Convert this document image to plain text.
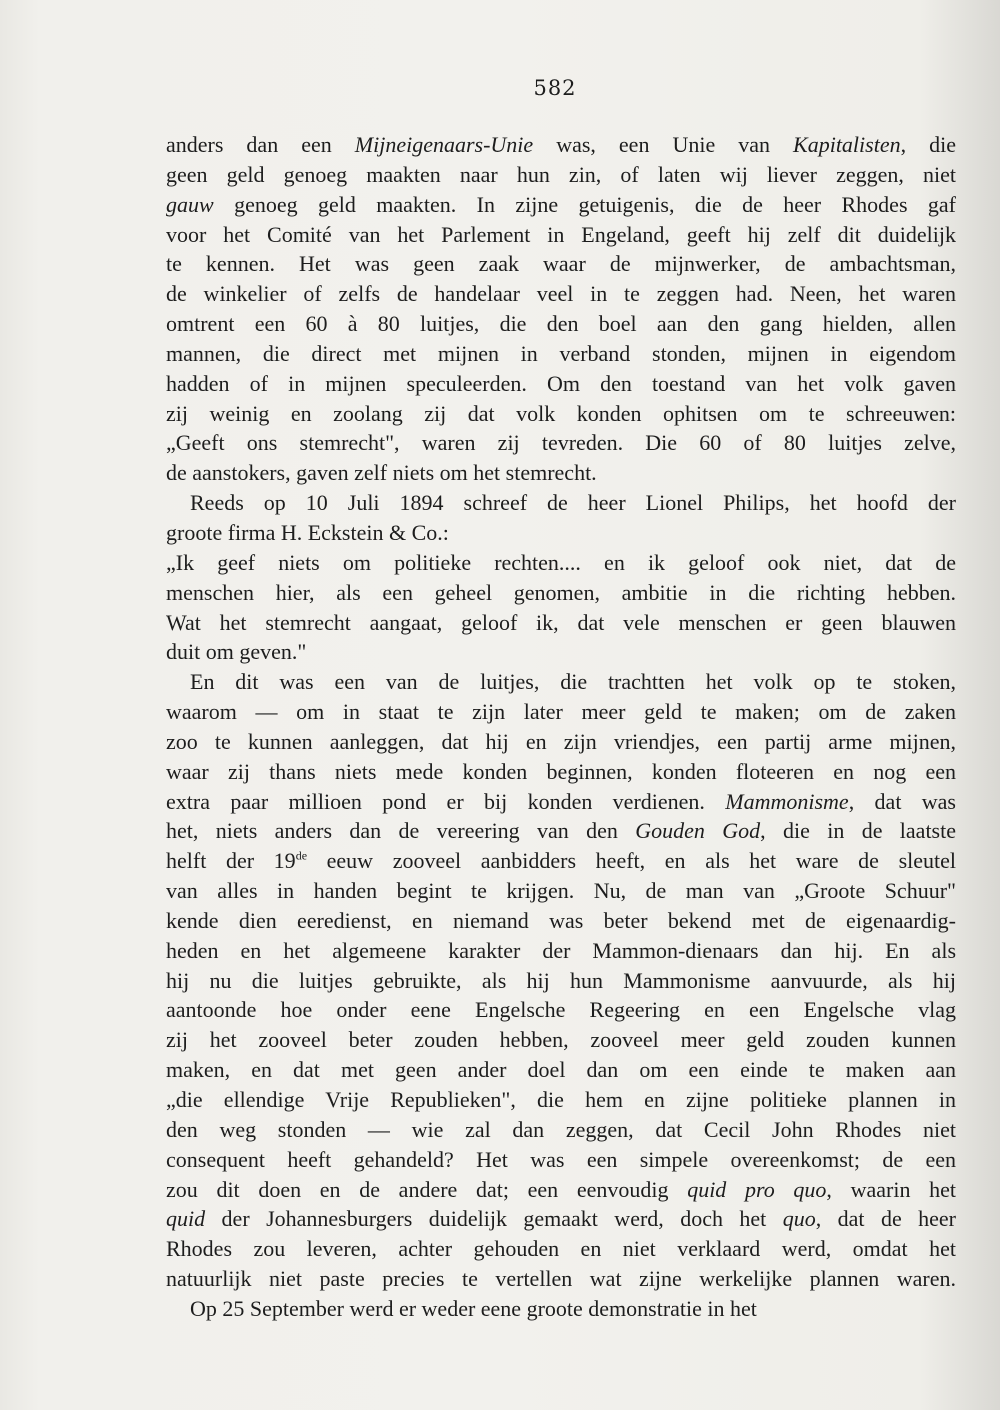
582
anders dan een Mijneigenaars-Unie was, een Unie van Kapitalisten, die
geen geld genoeg maakten naar hun zin, of laten wij liever zeggen, niet
gauw genoeg geld maakten. In zijne getuigenis, die de heer Rhodes gaf
voor het Comité van het Parlement in Engeland, geeft hij zelf dit duidelijk
te kennen. Het was geen zaak waar de mijnwerker, de ambachtsman,
de winkelier of zelfs de handelaar veel in te zeggen had. Neen, het waren
omtrent een 60 à 80 luitjes, die den boel aan den gang hielden, allen
mannen, die direct met mijnen in verband stonden, mijnen in eigendom
hadden of in mijnen speculeerden. Om den toestand van het volk gaven
zij weinig en zoolang zij dat volk konden ophitsen om te schreeuwen:
„Geeft ons stemrecht", waren zij tevreden. Die 60 of 80 luitjes zelve,
de aanstokers, gaven zelf niets om het stemrecht.
Reeds op 10 Juli 1894 schreef de heer Lionel Philips, het hoofd der
groote firma H. Eckstein & Co.:
„Ik geef niets om politieke rechten.... en ik geloof ook niet, dat de
menschen hier, als een geheel genomen, ambitie in die richting hebben.
Wat het stemrecht aangaat, geloof ik, dat vele menschen er geen blauwen
duit om geven."
En dit was een van de luitjes, die trachtten het volk op te stoken,
waarom — om in staat te zijn later meer geld te maken; om de zaken
zoo te kunnen aanleggen, dat hij en zijn vriendjes, een partij arme mijnen,
waar zij thans niets mede konden beginnen, konden floteeren en nog een
extra paar millioen pond er bij konden verdienen. Mammonisme, dat was
het, niets anders dan de vereering van den Gouden God, die in de laatste
helft der 19de eeuw zooveel aanbidders heeft, en als het ware de sleutel
van alles in handen begint te krijgen. Nu, de man van „Groote Schuur"
kende dien eeredienst, en niemand was beter bekend met de eigenaardig-
heden en het algemeene karakter der Mammon-dienaars dan hij. En als
hij nu die luitjes gebruikte, als hij hun Mammonisme aanvuurde, als hij
aantoonde hoe onder eene Engelsche Regeering en een Engelsche vlag
zij het zooveel beter zouden hebben, zooveel meer geld zouden kunnen
maken, en dat met geen ander doel dan om een einde te maken aan
„die ellendige Vrije Republieken", die hem en zijne politieke plannen in
den weg stonden — wie zal dan zeggen, dat Cecil John Rhodes niet
consequent heeft gehandeld? Het was een simpele overeenkomst; de een
zou dit doen en de andere dat; een eenvoudig quid pro quo, waarin het
quid der Johannesburgers duidelijk gemaakt werd, doch het quo, dat de heer
Rhodes zou leveren, achter gehouden en niet verklaard werd, omdat het
natuurlijk niet paste precies te vertellen wat zijne werkelijke plannen waren.
Op 25 September werd er weder eene groote demonstratie in het
